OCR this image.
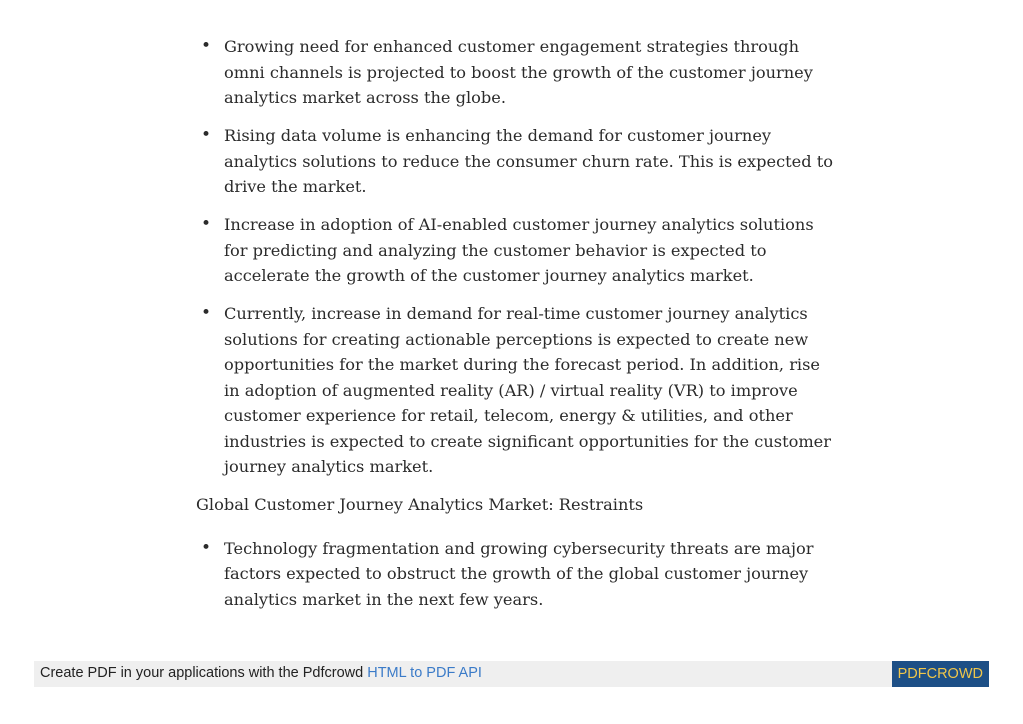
• Growing need for enhanced customer engagement strategies through omni channels is projected to boost the growth of the customer journey analytics market across the globe.
• Rising data volume is enhancing the demand for customer journey analytics solutions to reduce the consumer churn rate. This is expected to drive the market.
• Increase in adoption of AI-enabled customer journey analytics solutions for predicting and analyzing the customer behavior is expected to accelerate the growth of the customer journey analytics market.
• Currently, increase in demand for real-time customer journey analytics solutions for creating actionable perceptions is expected to create new opportunities for the market during the forecast period. In addition, rise in adoption of augmented reality (AR) / virtual reality (VR) to improve customer experience for retail, telecom, energy & utilities, and other industries is expected to create significant opportunities for the customer journey analytics market.
Global Customer Journey Analytics Market: Restraints
• Technology fragmentation and growing cybersecurity threats are major factors expected to obstruct the growth of the global customer journey analytics market in the next few years.
Create PDF in your applications with the Pdfcrowd HTML to PDF API	PDFCROWD
